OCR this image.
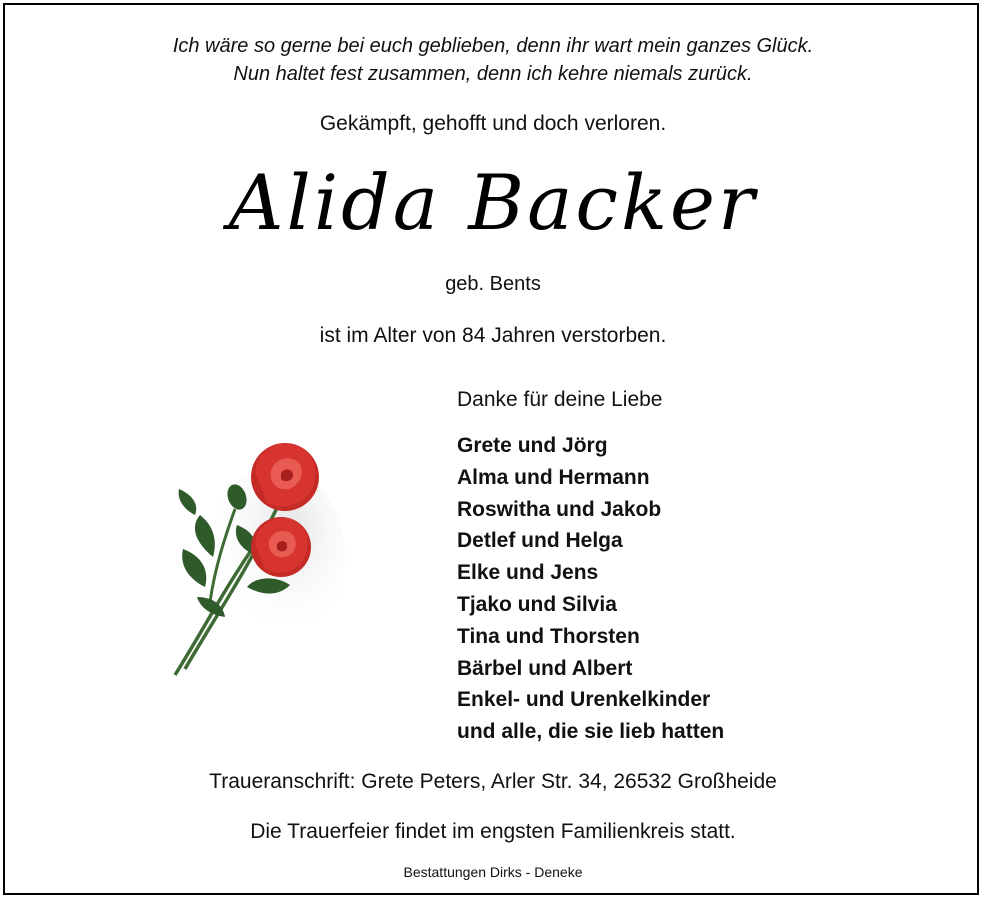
Ich wäre so gerne bei euch geblieben, denn ihr wart mein ganzes Glück.
Nun haltet fest zusammen, denn ich kehre niemals zurück.
Gekämpft, gehofft und doch verloren.
Alida Backer
geb. Bents
ist im Alter von 84 Jahren verstorben.
Danke für deine Liebe
Grete und Jörg
Alma und Hermann
Roswitha und Jakob
Detlef und Helga
Elke und Jens
Tjako und Silvia
Tina und Thorsten
Bärbel und Albert
Enkel- und Urenkelkinder
und alle, die sie lieb hatten
Traueranschrift: Grete Peters, Arler Str. 34, 26532 Großheide
Die Trauerfeier findet im engsten Familienkreis statt.
Bestattungen Dirks - Deneke
